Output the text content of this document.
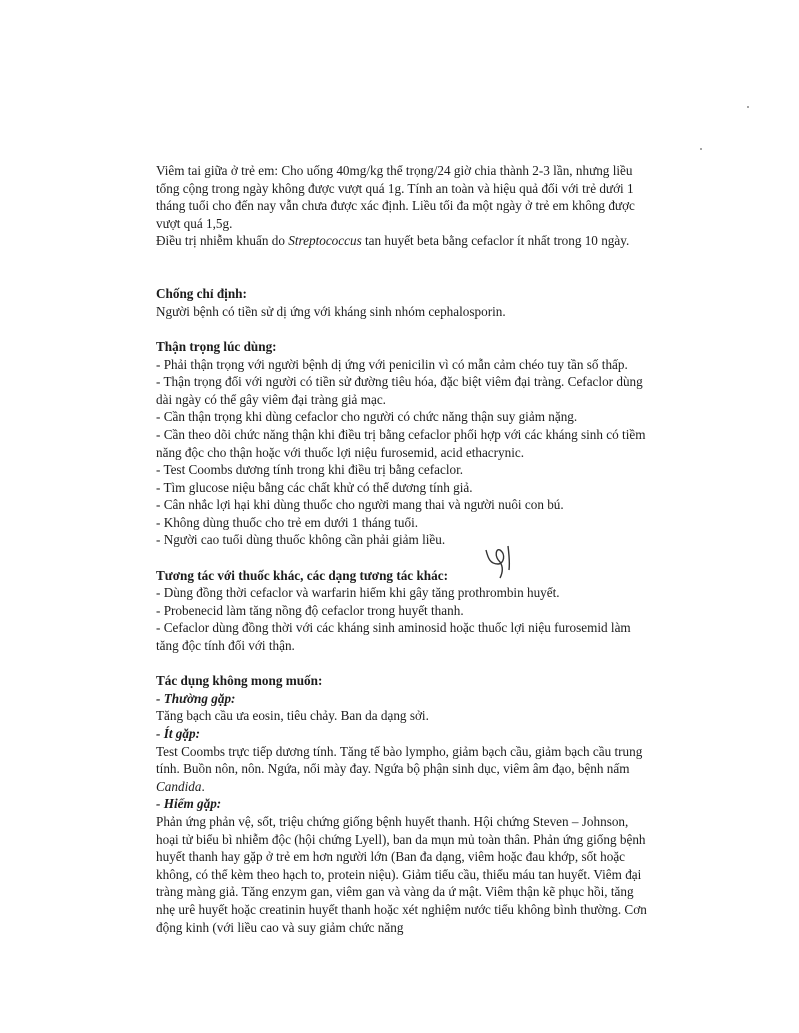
Viêm tai giữa ở trẻ em: Cho uống 40mg/kg thể trọng/24 giờ chia thành 2-3 lần, nhưng liều tổng cộng trong ngày không được vượt quá 1g. Tính an toàn và hiệu quả đối với trẻ dưới 1 tháng tuổi cho đến nay vẫn chưa được xác định. Liều tối đa một ngày ở trẻ em không được vượt quá 1,5g.

Điều trị nhiễm khuẩn do Streptococcus tan huyết beta bằng cefaclor ít nhất trong 10 ngày.

Chống chỉ định:

Người bệnh có tiền sử dị ứng với kháng sinh nhóm cephalosporin.

Thận trọng lúc dùng:

- Phải thận trọng với người bệnh dị ứng với penicilin vì có mẫn cảm chéo tuy tần số thấp.

- Thận trọng đối với người có tiền sử đường tiêu hóa, đặc biệt viêm đại tràng. Cefaclor dùng dài ngày có thể gây viêm đại tràng giả mạc.

- Cần thận trọng khi dùng cefaclor cho người có chức năng thận suy giảm nặng.

- Cần theo dõi chức năng thận khi điều trị bằng cefaclor phối hợp với các kháng sinh có tiềm năng độc cho thận hoặc với thuốc lợi niệu furosemid, acid ethacrynic.

- Test Coombs dương tính trong khi điều trị bằng cefaclor.

- Tìm glucose niệu bằng các chất khử có thể dương tính giả.

- Cân nhắc lợi hại khi dùng thuốc cho người mang thai và người nuôi con bú.

- Không dùng thuốc cho trẻ em dưới 1 tháng tuổi.

- Người cao tuổi dùng thuốc không cần phải giảm liều.

Tương tác với thuốc khác, các dạng tương tác khác:

- Dùng đồng thời cefaclor và warfarin hiếm khi gây tăng prothrombin huyết.

- Probenecid làm tăng nồng độ cefaclor trong huyết thanh.

- Cefaclor dùng đồng thời với các kháng sinh aminosid hoặc thuốc lợi niệu furosemid làm tăng độc tính đối với thận.

Tác dụng không mong muốn:

- Thường gặp:

Tăng bạch cầu ưa eosin, tiêu chảy. Ban da dạng sởi.

- Ít gặp:

Test Coombs trực tiếp dương tính. Tăng tế bào lympho, giảm bạch cầu, giảm bạch cầu trung tính. Buồn nôn, nôn. Ngứa, nổi mày đay. Ngứa bộ phận sinh dục, viêm âm đạo, bệnh nấm Candida.

- Hiếm gặp:

Phản ứng phản vệ, sốt, triệu chứng giống bệnh huyết thanh. Hội chứng Steven – Johnson, hoại tử biểu bì nhiễm độc (hội chứng Lyell), ban da mụn mủ toàn thân. Phản ứng giống bệnh huyết thanh hay gặp ở trẻ em hơn người lớn (Ban đa dạng, viêm hoặc đau khớp, sốt hoặc không, có thể kèm theo hạch to, protein niệu). Giảm tiểu cầu, thiếu máu tan huyết. Viêm đại tràng màng giả. Tăng enzym gan, viêm gan và vàng da ứ mật. Viêm thận kẽ phục hồi, tăng nhẹ urê huyết hoặc creatinin huyết thanh hoặc xét nghiệm nước tiểu không bình thường. Cơn động kinh (với liều cao và suy giảm chức năng
